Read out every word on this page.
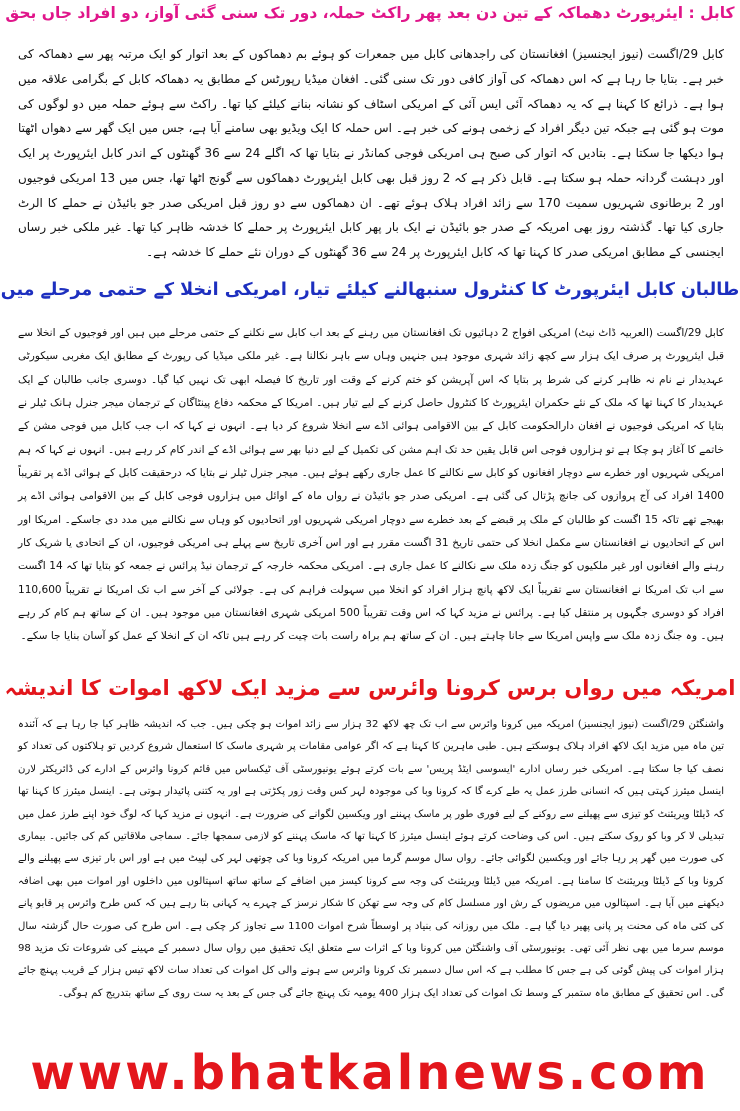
کابل : ایئرپورٹ دھماکہ کے تین دن بعد پھر راکٹ حملہ، دور تک سنی گئی آواز، دو افراد جاں بحق
کابل 29/اگست (نیوز ایجنسیز) افغانستان کی راجدھانی کابل میں جمعرات کو ہوئے بم دھماکوں کے بعد اتوار کو ایک مرتبہ پھر سے دھماکہ کی خبر ہے۔ بتایا جا رہا ہے کہ اس دھماکہ کی آواز کافی دور تک سنی گئی۔ افغان میڈیا رپورٹس کے مطابق یہ دھماکہ کابل کے بگرامی علاقہ میں ہوا ہے۔ ذرائع کا کہنا ہے کہ یہ دھماکہ آئی ایس آئی کے امریکی اسٹاف کو نشانہ بنانے کیلئے کیا تھا۔ راکٹ سے ہوئے حملہ میں دو لوگوں کی موت ہو گئی ہے جبکہ تین دیگر افراد کے زخمی ہونے کی خبر ہے۔ اس حملہ کا ایک ویڈیو بھی سامنے آیا ہے، جس میں ایک گھر سے دھواں اٹھتا ہوا دیکھا جا سکتا ہے۔ بتادیں کہ اتوار کی صبح ہی امریکی فوجی کمانڈر نے بتایا تھا کہ اگلے 24 سے 36 گھنٹوں کے اندر کابل ایئرپورٹ پر ایک اور دہشت گردانہ حملہ ہو سکتا ہے۔ قابل ذکر ہے کہ 2 روز قبل بھی کابل ایئرپورٹ دھماکوں سے گونج اٹھا تھا، جس میں 13 امریکی فوجیوں اور 2 برطانوی شہریوں سمیت 170 سے زائد افراد ہلاک ہوئے تھے۔ ان دھماکوں سے دو روز قبل امریکی صدر جو بائیڈن نے حملے کا الرٹ جاری کیا تھا۔ گذشتہ روز بھی امریکہ کے صدر جو بائیڈن نے ایک بار پھر کابل ایئرپورٹ پر حملے کا خدشہ ظاہر کیا تھا۔ غیر ملکی خبر رساں ایجنسی کے مطابق امریکی صدر کا کہنا تھا کہ کابل ایئرپورٹ پر 24 سے 36 گھنٹوں کے دوران نئے حملے کا خدشہ ہے۔
طالبان کابل ایئرپورٹ کا کنٹرول سنبھالنے کیلئے تیار، امریکی انخلا کے حتمی مرحلے میں
کابل 29/اگست (العربیہ ڈاٹ نیٹ) امریکی افواج 2 دہائیوں تک افغانستان میں رہنے کے بعد اب کابل سے نکلنے کے حتمی مرحلے میں ہیں اور فوجیوں کے انخلا سے قبل ایئرپورٹ پر صرف ایک ہزار سے کچھ زائد شہری موجود ہیں جنہیں وہاں سے باہر نکالنا ہے۔ غیر ملکی میڈیا کی رپورٹ کے مطابق ایک مغربی سیکورٹی عہدیدار نے نام نہ ظاہر کرنے کی شرط پر بتایا کہ اس آپریشن کو ختم کرنے کے وقت اور تاریخ کا فیصلہ ابھی تک نہیں کیا گیا۔ دوسری جانب طالبان کے ایک عہدیدار کا کہنا تھا کہ ملک کے نئے حکمران ایئرپورٹ کا کنٹرول حاصل کرنے کے لیے تیار ہیں۔ امریکا کے محکمہ دفاع پینٹاگان کے ترجمان میجر جنرل ہانک ٹیلر نے بتایا کہ امریکی فوجیوں نے افغان دارالحکومت کابل کے بین الاقوامی ہوائی اڈے سے انخلا شروع کر دیا ہے۔ انہوں نے کہا کہ اب جب کابل میں فوجی مشن کے خاتمے کا آغاز ہو چکا ہے تو ہزاروں فوجی اس قابل یقین حد تک اہم مشن کی تکمیل کے لیے دنیا بھر سے ہوائی اڈے کے اندر کام کر رہے ہیں۔ انہوں نے کہا کہ ہم امریکی شہریوں اور خطرے سے دوچار افغانوں کو کابل سے نکالنے کا عمل جاری رکھے ہوئے ہیں۔ میجر جنرل ٹیلر نے بتایا کہ درحقیقت کابل کے ہوائی اڈے پر تقریباً 1400 افراد کی آج پروازوں کی جانچ پڑتال کی گئی ہے۔ امریکی صدر جو بائیڈن نے رواں ماہ کے اوائل میں ہزاروں فوجی کابل کے بین الاقوامی ہوائی اڈے پر بھیجے تھے تاکہ 15 اگست کو طالبان کے ملک پر قبضے کے بعد خطرے سے دوچار امریکی شہریوں اور اتحادیوں کو وہاں سے نکالنے میں مدد دی جاسکے۔ امریکا اور اس کے اتحادیوں نے افغانستان سے مکمل انخلا کی حتمی تاریخ 31 اگست مقرر ہے اور اس آخری تاریخ سے پہلے ہی امریکی فوجیوں، ان کے اتحادی یا شریک کار رہنے والے افغانوں اور غیر ملکیوں کو جنگ زدہ ملک سے نکالنے کا عمل جاری ہے۔ امریکی محکمہ خارجہ کے ترجمان نیڈ پرائس نے جمعہ کو بتایا تھا کہ 14 اگست سے اب تک امریکا نے افغانستان سے تقریباً ایک لاکھ پانچ ہزار افراد کو انخلا میں سہولت فراہم کی ہے۔ جولائی کے آخر سے اب تک امریکا نے تقریباً 110,600 افراد کو دوسری جگہوں پر منتقل کیا ہے۔ پرائس نے مزید کہا کہ اس وقت تقریباً 500 امریکی شہری افغانستان میں موجود ہیں۔ ان کے ساتھ ہم کام کر رہے ہیں۔ وہ جنگ زدہ ملک سے واپس امریکا سے جانا چاہتے ہیں۔ ان کے ساتھ ہم براہ راست بات چیت کر رہے ہیں تاکہ ان کے انخلا کے عمل کو آسان بنایا جا سکے۔
امریکہ میں رواں برس کرونا وائرس سے مزید ایک لاکھ اموات کا اندیشہ
واشنگٹن 29/اگست (نیوز ایجنسیز) امریکہ میں کرونا وائرس سے اب تک چھ لاکھ 32 ہزار سے زائد اموات ہو چکی ہیں۔ جب کہ اندیشہ ظاہر کیا جا رہا ہے کہ آئندہ تین ماہ میں مزید ایک لاکھ افراد ہلاک ہوسکتے ہیں۔ طبی ماہرین کا کہنا ہے کہ اگر عوامی مقامات پر شہری ماسک کا استعمال شروع کردیں تو ہلاکتوں کی تعداد کو نصف کیا جا سکتا ہے۔ امریکی خبر رساں ادارے 'ایسوسی ایٹڈ پریس' سے بات کرتے ہوئے یونیورسٹی آف ٹیکساس میں قائم کرونا وائرس کے ادارے کی ڈائریکٹر لارن اینسل میئرز کہتی ہیں کہ انسانی طرز عمل یہ طے کرے گا کہ کرونا وبا کی موجودہ لہر کس وقت زور پکڑتی ہے اور یہ کتنی پائیدار ہوتی ہے۔ اینسل میئرز کا کہنا تھا کہ ڈیلٹا ویریئنٹ کو تیزی سے پھیلنے سے روکنے کے لیے فوری طور پر ماسک پہننے اور ویکسین لگوانے کی ضرورت ہے۔ انہوں نے مزید کہا کہ لوگ خود اپنے طرز عمل میں تبدیلی لا کر وبا کو روک سکتے ہیں۔ اس کی وضاحت کرتے ہوئے اینسل میئرز کا کہنا تھا کہ ماسک پہننے کو لازمی سمجھا جائے۔ سماجی ملاقاتیں کم کی جائیں۔ بیماری کی صورت میں گھر پر رہا جائے اور ویکسین لگوائی جائے۔ رواں سال موسم گرما میں امریکہ کرونا وبا کی چوتھی لہر کی لپیٹ میں ہے اور اس بار تیزی سے پھیلنے والے کرونا وبا کے ڈیلٹا ویریئنٹ کا سامنا ہے۔ امریکہ میں ڈیلٹا ویریئنٹ کی وجہ سے کرونا کیسز میں اضافے کے ساتھ ساتھ اسپتالوں میں داخلوں اور اموات میں بھی اضافہ دیکھنے میں آیا ہے۔ اسپتالوں میں مریضوں کے رش اور مسلسل کام کی وجہ سے تھکن کا شکار نرسز کے چہرے یہ کہانی بتا رہے ہیں کہ کس طرح وائرس پر قابو پانے کی کئی ماہ کی محنت پر پانی پھیر دیا گیا ہے۔ ملک میں روزانہ کی بنیاد پر اوسطاً شرح اموات 1100 سے تجاوز کر چکی ہے۔ اس طرح کی صورت حال گزشتہ سال موسم سرما میں بھی نظر آئی تھی۔ یونیورسٹی آف واشنگٹن میں کرونا وبا کے اثرات سے متعلق ایک تحقیق میں رواں سال دسمبر کے مہینے کی شروعات تک مزید 98 ہزار اموات کی پیش گوئی کی ہے جس کا مطلب ہے کہ اس سال دسمبر تک کرونا وائرس سے ہونے والی کل اموات کی تعداد سات لاکھ تیس ہزار کے قریب پہنچ جائے گی۔ اس تحقیق کے مطابق ماہ ستمبر کے وسط تک اموات کی تعداد ایک ہزار 400 یومیہ تک پہنچ جائے گی جس کے بعد یہ ست روی کے ساتھ بتدریج کم ہوگی۔
www.bhatkalnews.com
